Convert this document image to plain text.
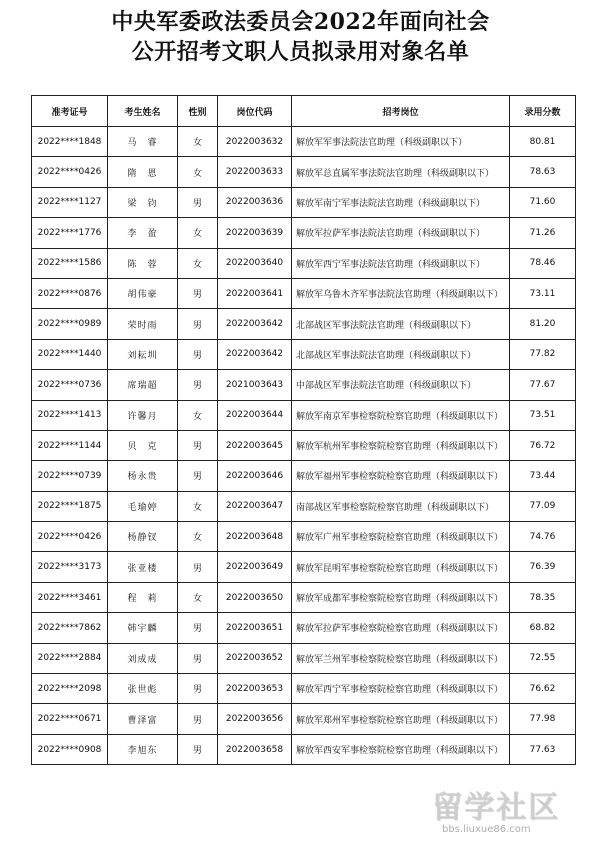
中央军委政法委员会2022年面向社会
公开招考文职人员拟录用对象名单
准考证号	考生姓名	性别	岗位代码	招考岗位	录用分数
2022****1848	马　睿	女	2022003632	解放军军事法院法官助理（科级副职以下）	80.81
2022****0426	隋　恩	女	2022003633	解放军总直属军事法院法官助理（科级副职以下）	78.63
2022****1127	梁　钧	男	2022003636	解放军南宁军事法院法官助理（科级副职以下）	71.60
2022****1776	李　盈	女	2022003639	解放军拉萨军事法院法官助理（科级副职以下）	71.26
2022****1586	陈　蓉	女	2022003640	解放军西宁军事法院法官助理（科级副职以下）	78.46
2022****0876	胡伟豪	男	2022003641	解放军乌鲁木齐军事法院法官助理（科级副职以下）	73.11
2022****0989	荣时雨	男	2022003642	北部战区军事法院法官助理（科级副职以下）	81.20
2022****1440	刘耘圳	男	2022003642	北部战区军事法院法官助理（科级副职以下）	77.82
2022****0736	席瑞超	男	2021003643	中部战区军事法院法官助理（科级副职以下）	77.67
2022****1413	许馨月	女	2022003644	解放军南京军事检察院检察官助理（科级副职以下）	73.51
2022****1144	贝　克	男	2022003645	解放军杭州军事检察院检察官助理（科级副职以下）	76.72
2022****0739	杨永贵	男	2022003646	解放军福州军事检察院检察官助理（科级副职以下）	73.44
2022****1875	毛瑜婷	女	2022003647	南部战区军事检察院检察官助理（科级副职以下）	77.09
2022****0426	杨静钗	女	2022003648	解放军广州军事检察院检察官助理（科级副职以下）	74.76
2022****3173	张亚楼	男	2022003649	解放军昆明军事检察院检察官助理（科级副职以下）	76.39
2022****3461	程　莉	女	2022003650	解放军成都军事检察院检察官助理（科级副职以下）	78.35
2022****7862	韩宇麟	男	2022003651	解放军拉萨军事检察院检察官助理（科级副职以下）	68.82
2022****2884	刘成成	男	2022003652	解放军兰州军事检察院检察官助理（科级副职以下）	72.55
2022****2098	张世彪	男	2022003653	解放军西宁军事检察院检察官助理（科级副职以下）	76.62
2022****0671	曹泽富	男	2022003656	解放军郑州军事检察院检察官助理（科级副职以下）	77.98
2022****0908	李旭东	男	2022003658	解放军西安军事检察院检察官助理（科级副职以下）	77.63
留学社区
bbs.liuxue86.com
